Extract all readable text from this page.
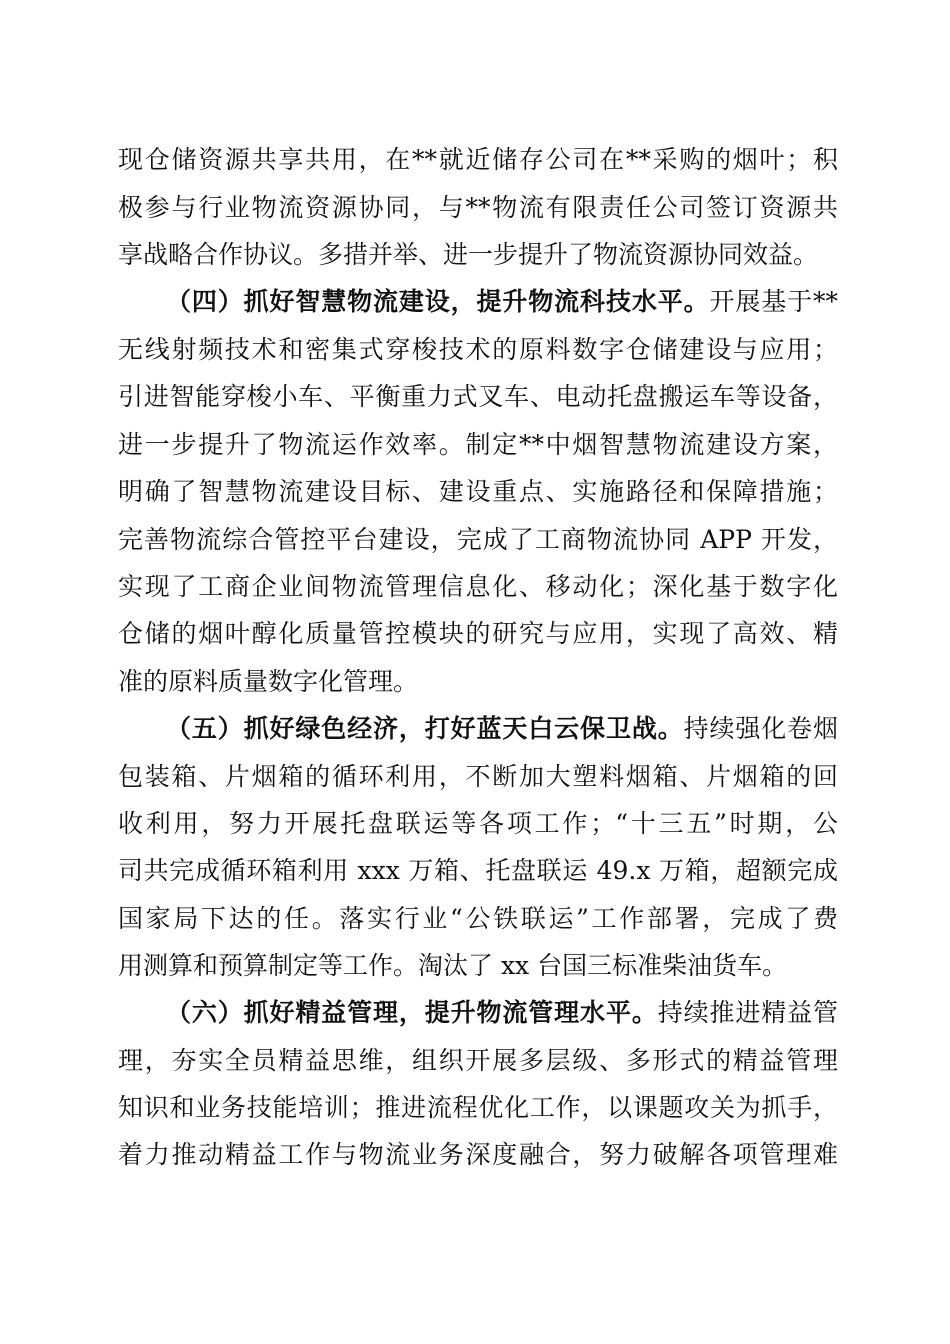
现仓储资源共享共用，在**就近储存公司在**采购的烟叶；积
极参与行业物流资源协同，与**物流有限责任公司签订资源共
享战略合作协议。多措并举、进一步提升了物流资源协同效益。
（四）抓好智慧物流建设，提升物流科技水平。开展基于**
无线射频技术和密集式穿梭技术的原料数字仓储建设与应用；
引进智能穿梭小车、平衡重力式叉车、电动托盘搬运车等设备，
进一步提升了物流运作效率。制定**中烟智慧物流建设方案，
明确了智慧物流建设目标、建设重点、实施路径和保障措施；
完善物流综合管控平台建设，完成了工商物流协同 APP 开发，
实现了工商企业间物流管理信息化、移动化；深化基于数字化
仓储的烟叶醇化质量管控模块的研究与应用，实现了高效、精
准的原料质量数字化管理。
（五）抓好绿色经济，打好蓝天白云保卫战。持续强化卷烟
包装箱、片烟箱的循环利用，不断加大塑料烟箱、片烟箱的回
收利用，努力开展托盘联运等各项工作；“十三五”时期，公
司共完成循环箱利用 xxx 万箱、托盘联运 49.x 万箱，超额完成
国家局下达的任。落实行业“公铁联运”工作部署，完成了费
用测算和预算制定等工作。淘汰了 xx 台国三标准柴油货车。
（六）抓好精益管理，提升物流管理水平。持续推进精益管
理，夯实全员精益思维，组织开展多层级、多形式的精益管理
知识和业务技能培训；推进流程优化工作，以课题攻关为抓手，
着力推动精益工作与物流业务深度融合，努力破解各项管理难
